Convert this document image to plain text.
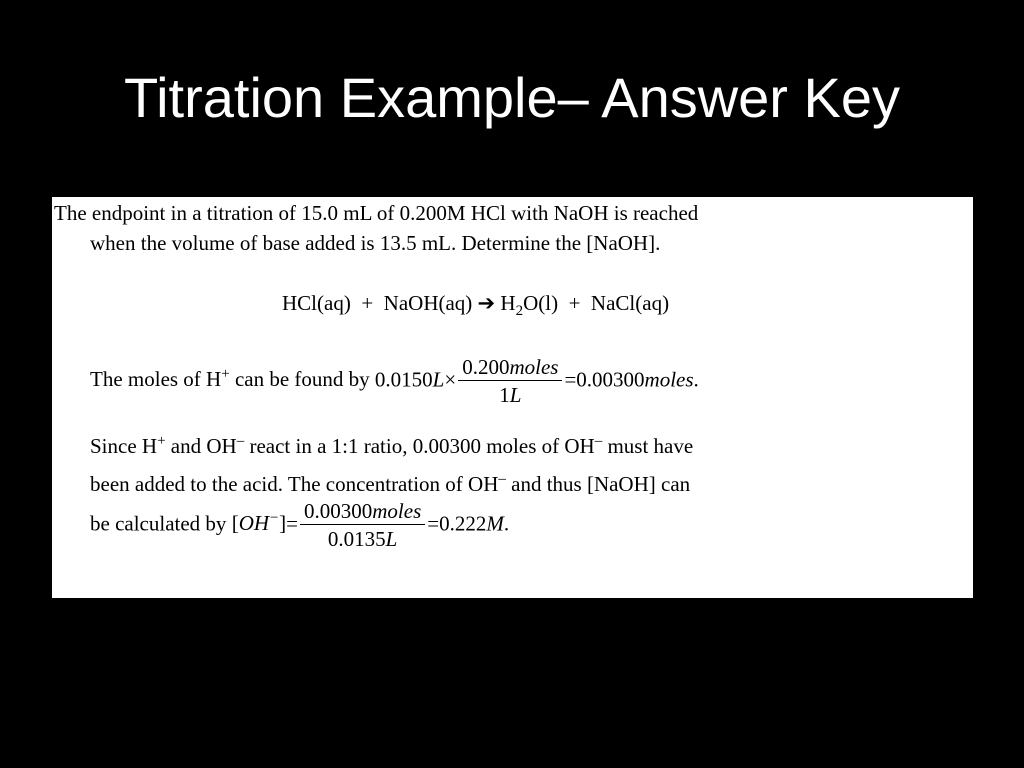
Titration Example– Answer Key
The endpoint in a titration of 15.0 mL of 0.200M HCl with NaOH is reached
when the volume of base added is 13.5 mL. Determine the [NaOH].
HCl(aq) + NaOH(aq) ➔ $H_2O(l)$ + NaCl(aq)
The moles of H+ can be found by $0.0150L\times \frac{\text{0.200moles}}{1L}$ =0.00300moles.
Since H+ and OH– react in a 1:1 ratio, 0.00300 moles of OH– must have
been added to the acid. The concentration of OH– and thus [NaOH] can
be calculated by $[OH^-]= \frac{\text{0.00300moles}}{0.0135L} =0.222M$.
